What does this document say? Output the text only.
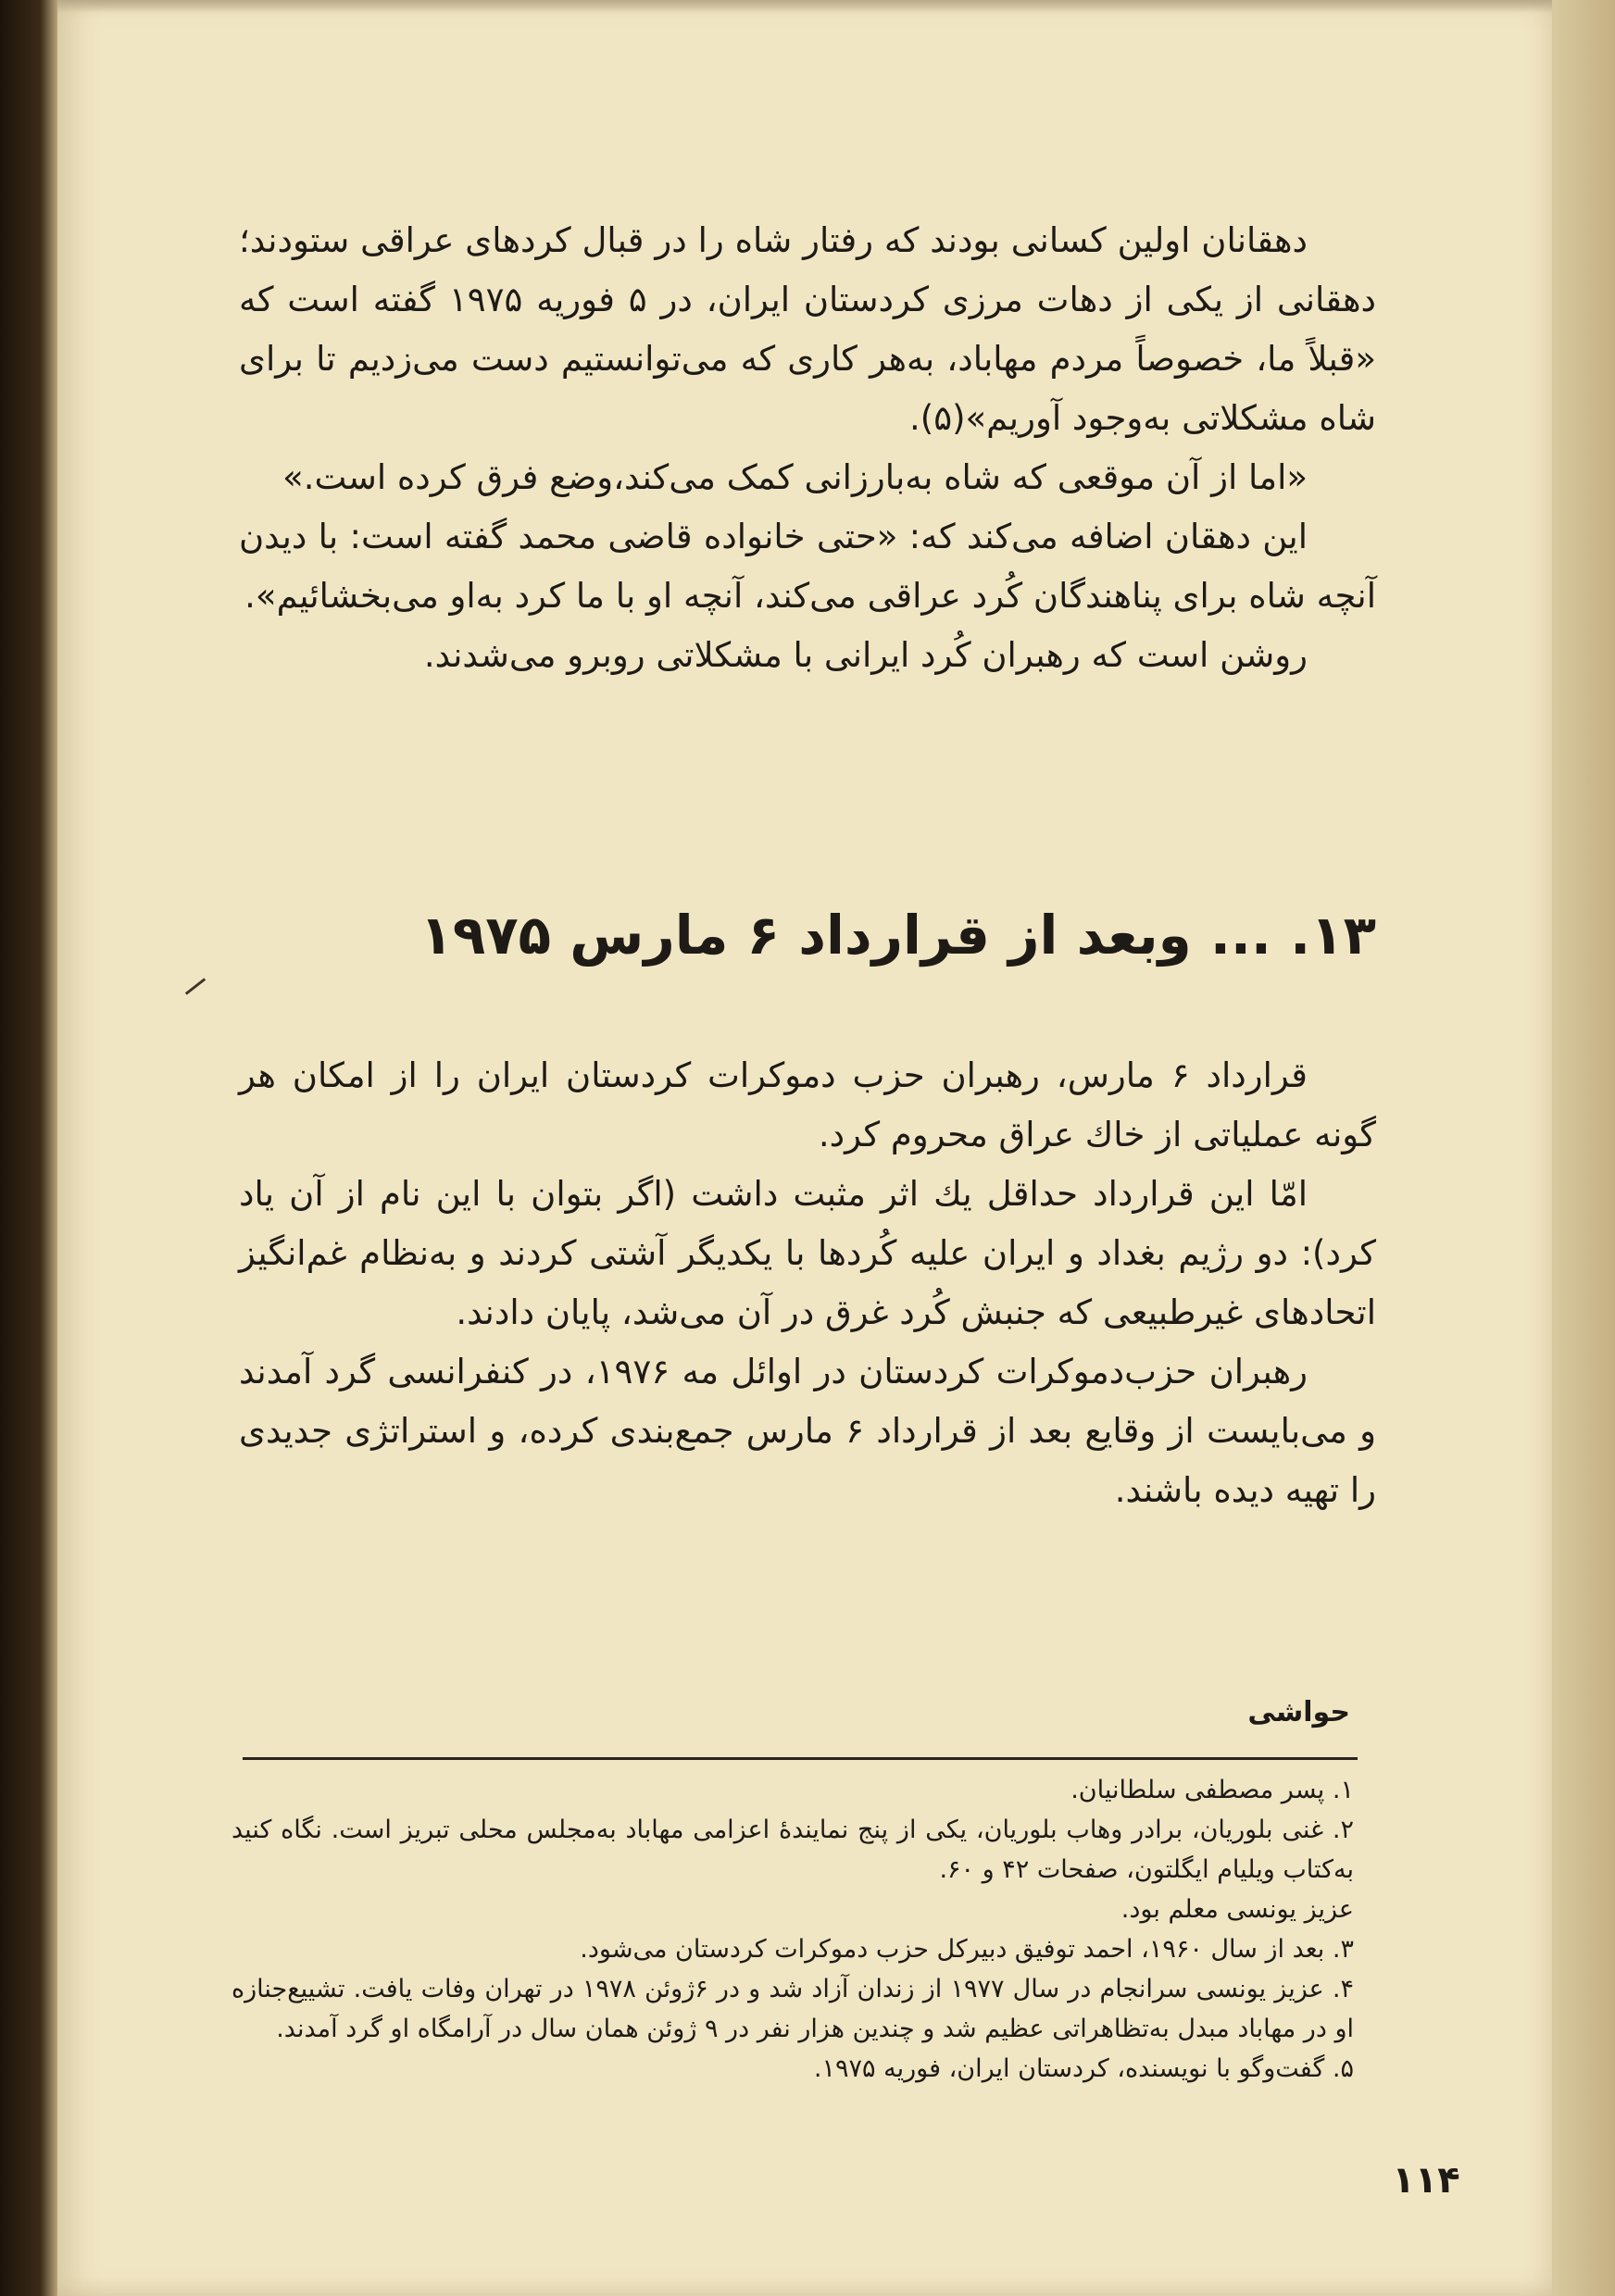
دهقانان اولین کسانی بودند که رفتار شاه را در قبال کردهای عراقی ستودند؛ دهقانی از یکی از دهات مرزی کردستان ایران، در ۵ فوریه ۱۹۷۵ گفته است که «قبلاً ما، خصوصاً مردم مهاباد، به‌هر کاری که می‌توانستیم دست می‌زدیم تا برای شاه مشکلاتی به‌وجود آوریم»(۵).

«اما از آن موقعی که شاه به‌بارزانی کمک می‌کند،وضع فرق کرده است.»

این دهقان اضافه می‌کند که: «حتی خانواده قاضی محمد گفته است: با دیدن آنچه شاه برای پناهندگان کُرد عراقی می‌کند، آنچه او با ما کرد به‌او می‌بخشائیم».

روشن است که رهبران کُرد ایرانی با مشکلاتی روبرو می‌شدند.

۱۳. ... وبعد از قرارداد ۶ مارس ۱۹۷۵

قرارداد ۶ مارس، رهبران حزب دموکرات کردستان ایران را از امکان هر گونه عملیاتی از خاك عراق محروم کرد.

امّا این قرارداد حداقل يك اثر مثبت داشت (اگر بتوان با این نام از آن یاد کرد): دو رژیم بغداد و ایران علیه کُردها با یکدیگر آشتی کردند و به‌نظام غم‌انگیز اتحادهای غیرطبیعی که جنبش کُرد غرق در آن می‌شد، پایان دادند.

رهبران حزب‌دموکرات کردستان در اوائل مه ۱۹۷۶، در کنفرانسی گرد آمدند و می‌بایست از وقایع بعد از قرارداد ۶ مارس جمع‌بندی کرده، و استراتژی جدیدی را تهیه دیده باشند.

حواشی

۱. پسر مصطفی سلطانیان.

۲. غنی بلوریان، برادر وهاب بلوریان، یکی از پنج نمایندهٔ اعزامی مهاباد به‌مجلس محلی تبریز است. نگاه کنید به‌کتاب ویلیام ایگلتون، صفحات ۴۲ و ۶۰.

عزیز یونسی معلم بود.

۳. بعد از سال ۱۹۶۰، احمد توفیق دبیرکل حزب دموکرات کردستان می‌شود.

۴. عزیز یونسی سرانجام در سال ۱۹۷۷ از زندان آزاد شد و در ۶ژوئن ۱۹۷۸ در تهران وفات یافت. تشییع‌جنازه او در مهاباد مبدل به‌تظاهراتی عظیم شد و چندین هزار نفر در ۹ ژوئن همان سال در آرامگاه او گرد آمدند.

۵. گفت‌وگو با نویسنده، کردستان ایران، فوریه ۱۹۷۵.

۱۱۴
